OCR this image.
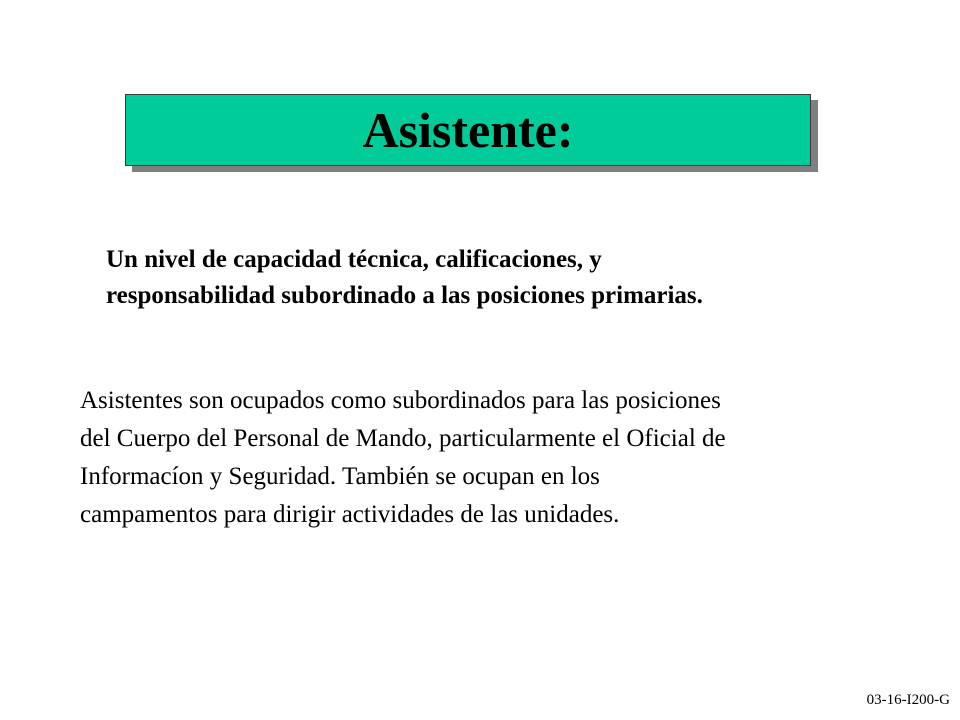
Asistente:

Un nivel de capacidad técnica, calificaciones, y
responsabilidad subordinado a las posiciones primarias.

Asistentes son ocupados como subordinados para las posiciones
del Cuerpo del Personal de Mando, particularmente el Oficial de
Informacíon y Seguridad. También se ocupan en los
campamentos para dirigir actividades de las unidades.

03-16-I200-G
